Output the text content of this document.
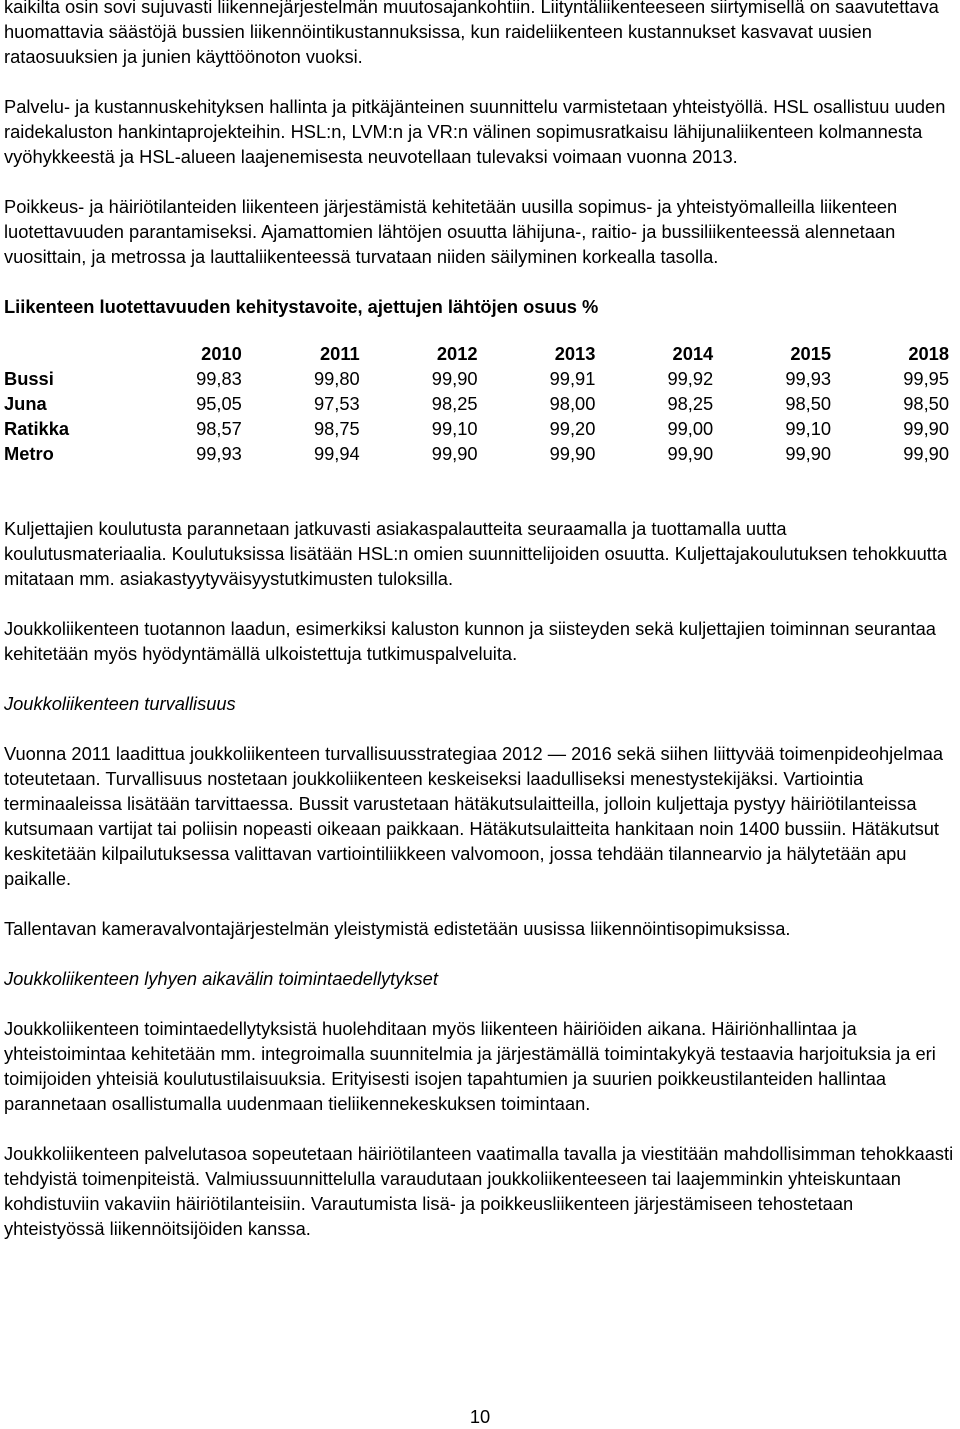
kaikilta osin sovi sujuvasti liikennejärjestelmän muutosajankohtiin. Liityntäliikenteeseen siirtymisellä on saavutettava huomattavia säästöjä bussien liikennöintikustannuksissa, kun raideliikenteen kustannukset kasvavat uusien rataosuuksien ja junien käyttöönoton vuoksi.

Palvelu- ja kustannuskehityksen hallinta ja pitkäjänteinen suunnittelu varmistetaan yhteistyöllä. HSL osallistuu uuden raidekaluston hankintaprojekteihin. HSL:n, LVM:n ja VR:n välinen sopimusratkaisu lähijunaliikenteen kolmannesta vyöhykkeestä ja HSL-alueen laajenemisesta neuvotellaan tulevaksi voimaan vuonna 2013.

Poikkeus- ja häiriötilanteiden liikenteen järjestämistä kehitetään uusilla sopimus- ja yhteistyömalleilla liikenteen luotettavuuden parantamiseksi. Ajamattomien lähtöjen osuutta lähijuna-, raitio- ja bussiliikenteessä alennetaan vuosittain, ja metrossa ja lauttaliikenteessä turvataan niiden säilyminen korkealla tasolla.

Liikenteen luotettavuuden kehitystavoite, ajettujen lähtöjen osuus %
	2010	2011	2012	2013	2014	2015	2018
Bussi	99,83	99,80	99,90	99,91	99,92	99,93	99,95
Juna	95,05	97,53	98,25	98,00	98,25	98,50	98,50
Ratikka	98,57	98,75	99,10	99,20	99,00	99,10	99,90
Metro	99,93	99,94	99,90	99,90	99,90	99,90	99,90

Kuljettajien koulutusta parannetaan jatkuvasti asiakaspalautteita seuraamalla ja tuottamalla uutta koulutusmateriaalia. Koulutuksissa lisätään HSL:n omien suunnittelijoiden osuutta. Kuljettajakoulutuksen tehokkuutta mitataan mm. asiakastyytyväisyystutkimusten tuloksilla.

Joukkoliikenteen tuotannon laadun, esimerkiksi kaluston kunnon ja siisteyden sekä kuljettajien toiminnan seurantaa kehitetään myös hyödyntämällä ulkoistettuja tutkimuspalveluita.

Joukkoliikenteen turvallisuus

Vuonna 2011 laadittua joukkoliikenteen turvallisuusstrategiaa 2012 — 2016 sekä siihen liittyvää toimenpideohjelmaa toteutetaan. Turvallisuus nostetaan joukkoliikenteen keskeiseksi laadulliseksi menestystekijäksi. Vartiointia terminaaleissa lisätään tarvittaessa. Bussit varustetaan hätäkutsulaitteilla, jolloin kuljettaja pystyy häiriötilanteissa kutsumaan vartijat tai poliisin nopeasti oikeaan paikkaan. Hätäkutsulaitteita hankitaan noin 1400 bussiin. Hätäkutsut keskitetään kilpailutuksessa valittavan vartiointiliikkeen valvomoon, jossa tehdään tilannearvio ja hälytetään apu paikalle.

Tallentavan kameravalvontajärjestelmän yleistymistä edistetään uusissa liikennöintisopimuksissa.

Joukkoliikenteen lyhyen aikavälin toimintaedellytykset

Joukkoliikenteen toimintaedellytyksistä huolehditaan myös liikenteen häiriöiden aikana. Häiriönhallintaa ja yhteistoimintaa kehitetään mm. integroimalla suunnitelmia ja järjestämällä toimintakykyä testaavia harjoituksia ja eri toimijoiden yhteisiä koulutustilaisuuksia. Erityisesti isojen tapahtumien ja suurien poikkeustilanteiden hallintaa parannetaan osallistumalla uudenmaan tieliikennekeskuksen toimintaan.

Joukkoliikenteen palvelutasoa sopeutetaan häiriötilanteen vaatimalla tavalla ja viestitään mahdollisimman tehokkaasti tehdyistä toimenpiteistä. Valmiussuunnittelulla varaudutaan joukkoliikenteeseen tai laajemminkin yhteiskuntaan kohdistuviin vakaviin häiriötilanteisiin. Varautumista lisä- ja poikkeusliikenteen järjestämiseen tehostetaan yhteistyössä liikennöitsijöiden kanssa.

10
